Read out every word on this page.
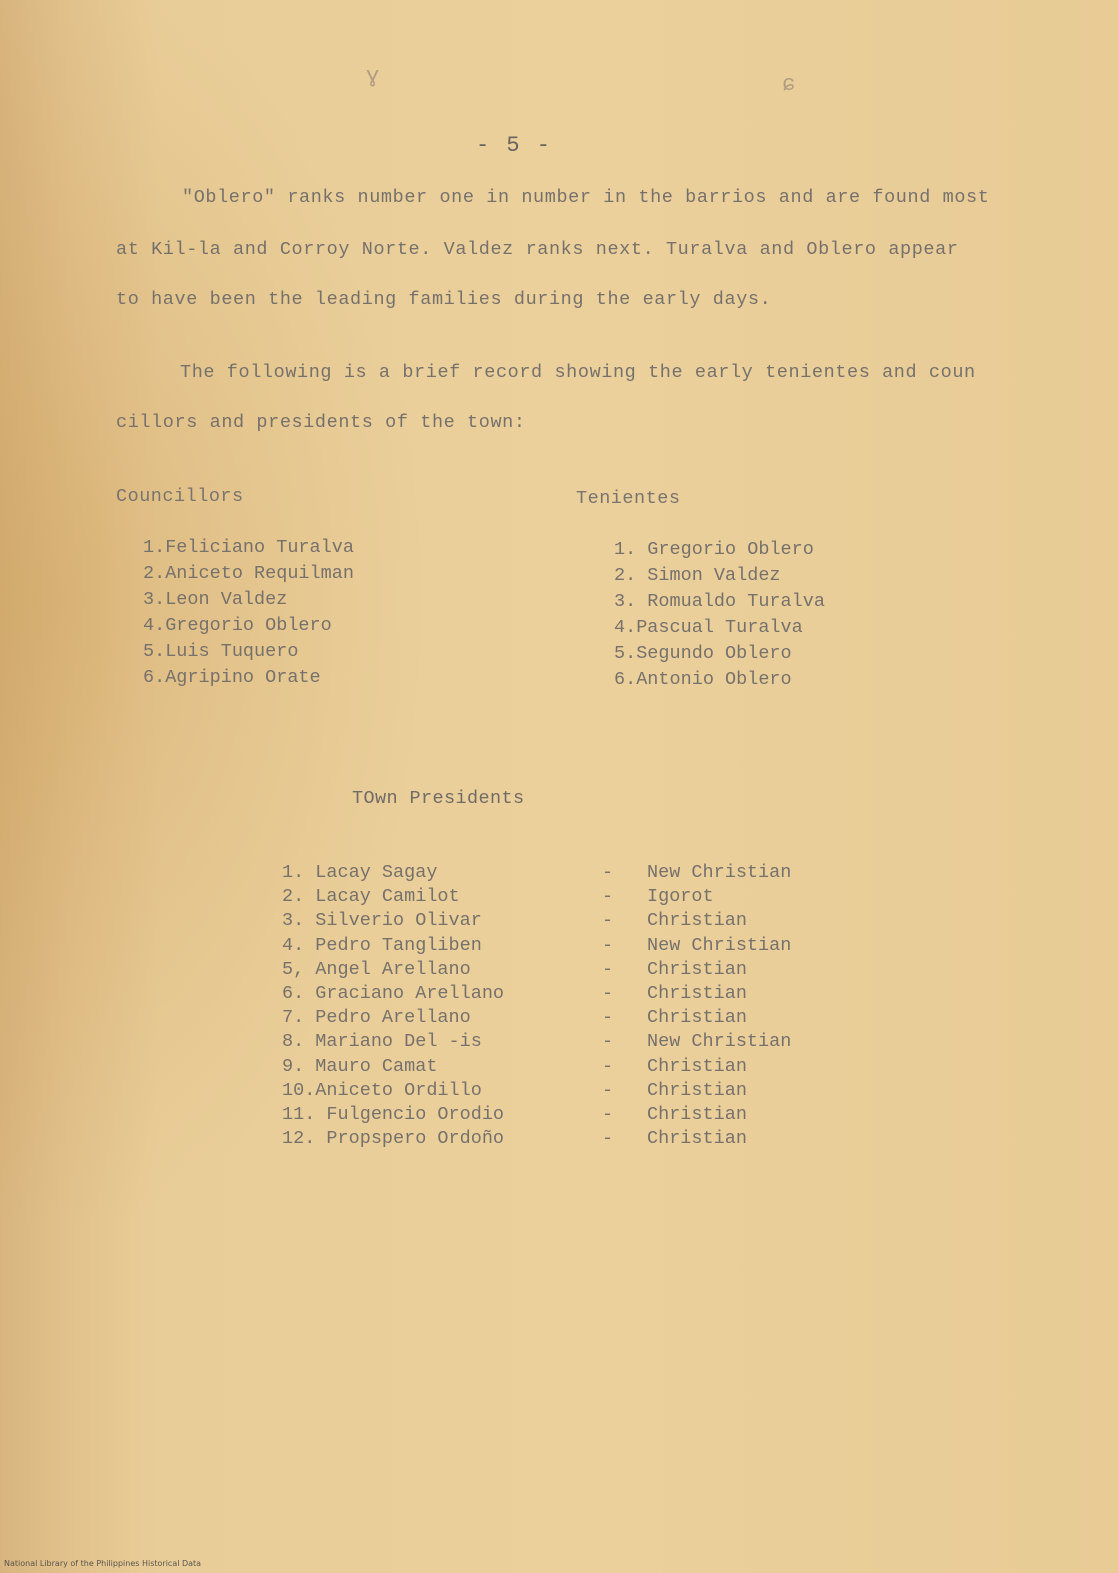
ɣ	ɕ
- 5 -
"Oblero" ranks number one in number in the barrios and are found most
at Kil-la and Corroy Norte. Valdez ranks next. Turalva and Oblero appear
to have been the leading families during the early days.
The following is a brief record showing the early tenientes and coun
cillors and presidents of the town:
Councillors	Tenientes
1.Feliciano Turalva
2.Aniceto Requilman
3.Leon Valdez
4.Gregorio Oblero
5.Luis Tuquero
6.Agripino Orate
1. Gregorio Oblero
2. Simon Valdez
3. Romualdo Turalva
4.Pascual Turalva
5.Segundo Oblero
6.Antonio Oblero
TOwn Presidents
1. Lacay Sagay	- New Christian
2. Lacay Camilot	- Igorot
3. Silverio Olivar	- Christian
4. Pedro Tangliben	- New Christian
5, Angel Arellano	- Christian
6. Graciano Arellano	- Christian
7. Pedro Arellano	- Christian
8. Mariano Del -is	- New Christian
9. Mauro Camat	- Christian
10.Aniceto Ordillo	- Christian
11. Fulgencio Orodio	- Christian
12. Propspero Ordoño	- Christian
National Library of the Philippines Historical Data
